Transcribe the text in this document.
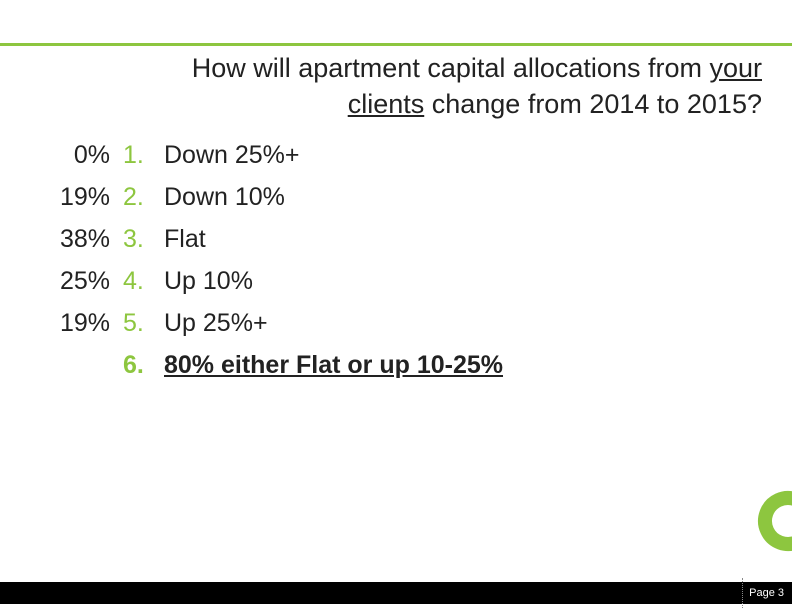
How will apartment capital allocations from your
clients change from 2014 to 2015?
0% 1. Down 25%+
19% 2. Down 10%
38% 3. Flat
25% 4. Up 10%
19% 5. Up 25%+
6. 80% either Flat or up 10-25%
Page 3
